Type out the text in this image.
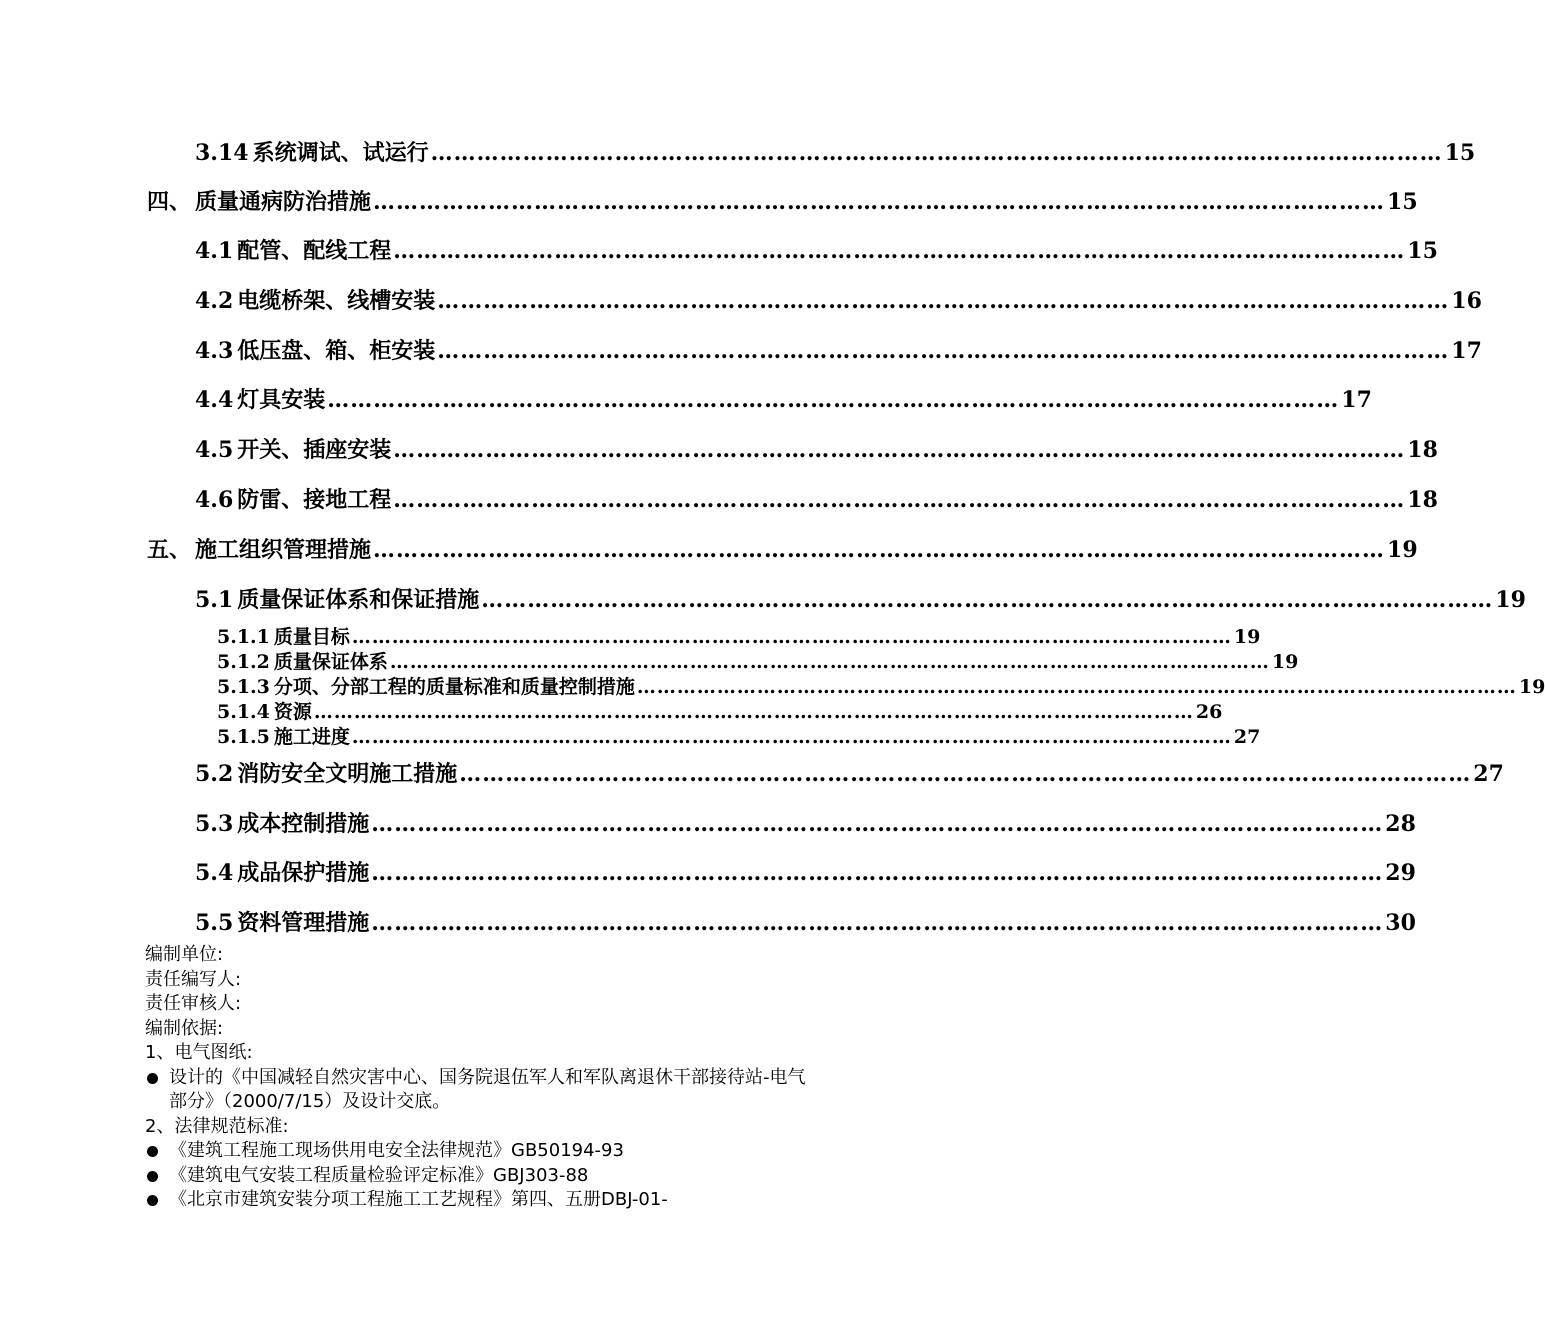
3.14 系统调试、试运行 …………………………………………………………………………………………………………………… 15
四、 质量通病防治措施 …………………………………………………………………………………………………………………… 15
4.1 配管、配线工程 …………………………………………………………………………………………………………………… 15
4.2 电缆桥架、线槽安装 …………………………………………………………………………………………………………………… 16
4.3 低压盘、箱、柜安装 …………………………………………………………………………………………………………………… 17
4.4 灯具安装 …………………………………………………………………………………………………………………… 17
4.5 开关、插座安装 …………………………………………………………………………………………………………………… 18
4.6 防雷、接地工程 …………………………………………………………………………………………………………………… 18
五、 施工组织管理措施 …………………………………………………………………………………………………………………… 19
5.1 质量保证体系和保证措施 …………………………………………………………………………………………………………………… 19
5.1.1 质量目标 …………………………………………………………………………………………………………………… 19
5.1.2 质量保证体系 …………………………………………………………………………………………………………………… 19
5.1.3 分项、分部工程的质量标准和质量控制措施 …………………………………………………………………………………………………………………… 19
5.1.4 资源 …………………………………………………………………………………………………………………… 26
5.1.5 施工进度 …………………………………………………………………………………………………………………… 27
5.2 消防安全文明施工措施 …………………………………………………………………………………………………………………… 27
5.3 成本控制措施 …………………………………………………………………………………………………………………… 28
5.4 成品保护措施 …………………………………………………………………………………………………………………… 29
5.5 资料管理措施 …………………………………………………………………………………………………………………… 30
编制单位:
责任编写人:
责任审核人:
编制依据:
1、电气图纸:
设计的《中国减轻自然灾害中心、国务院退伍军人和军队离退休干部接待站-电气部分》（2000/7/15）及设计交底。
2、法律规范标准:
《建筑工程施工现场供用电安全法律规范》GB50194-93
《建筑电气安装工程质量检验评定标准》GBJ303-88
《北京市建筑安装分项工程施工工艺规程》第四、五册DBJ-01-
